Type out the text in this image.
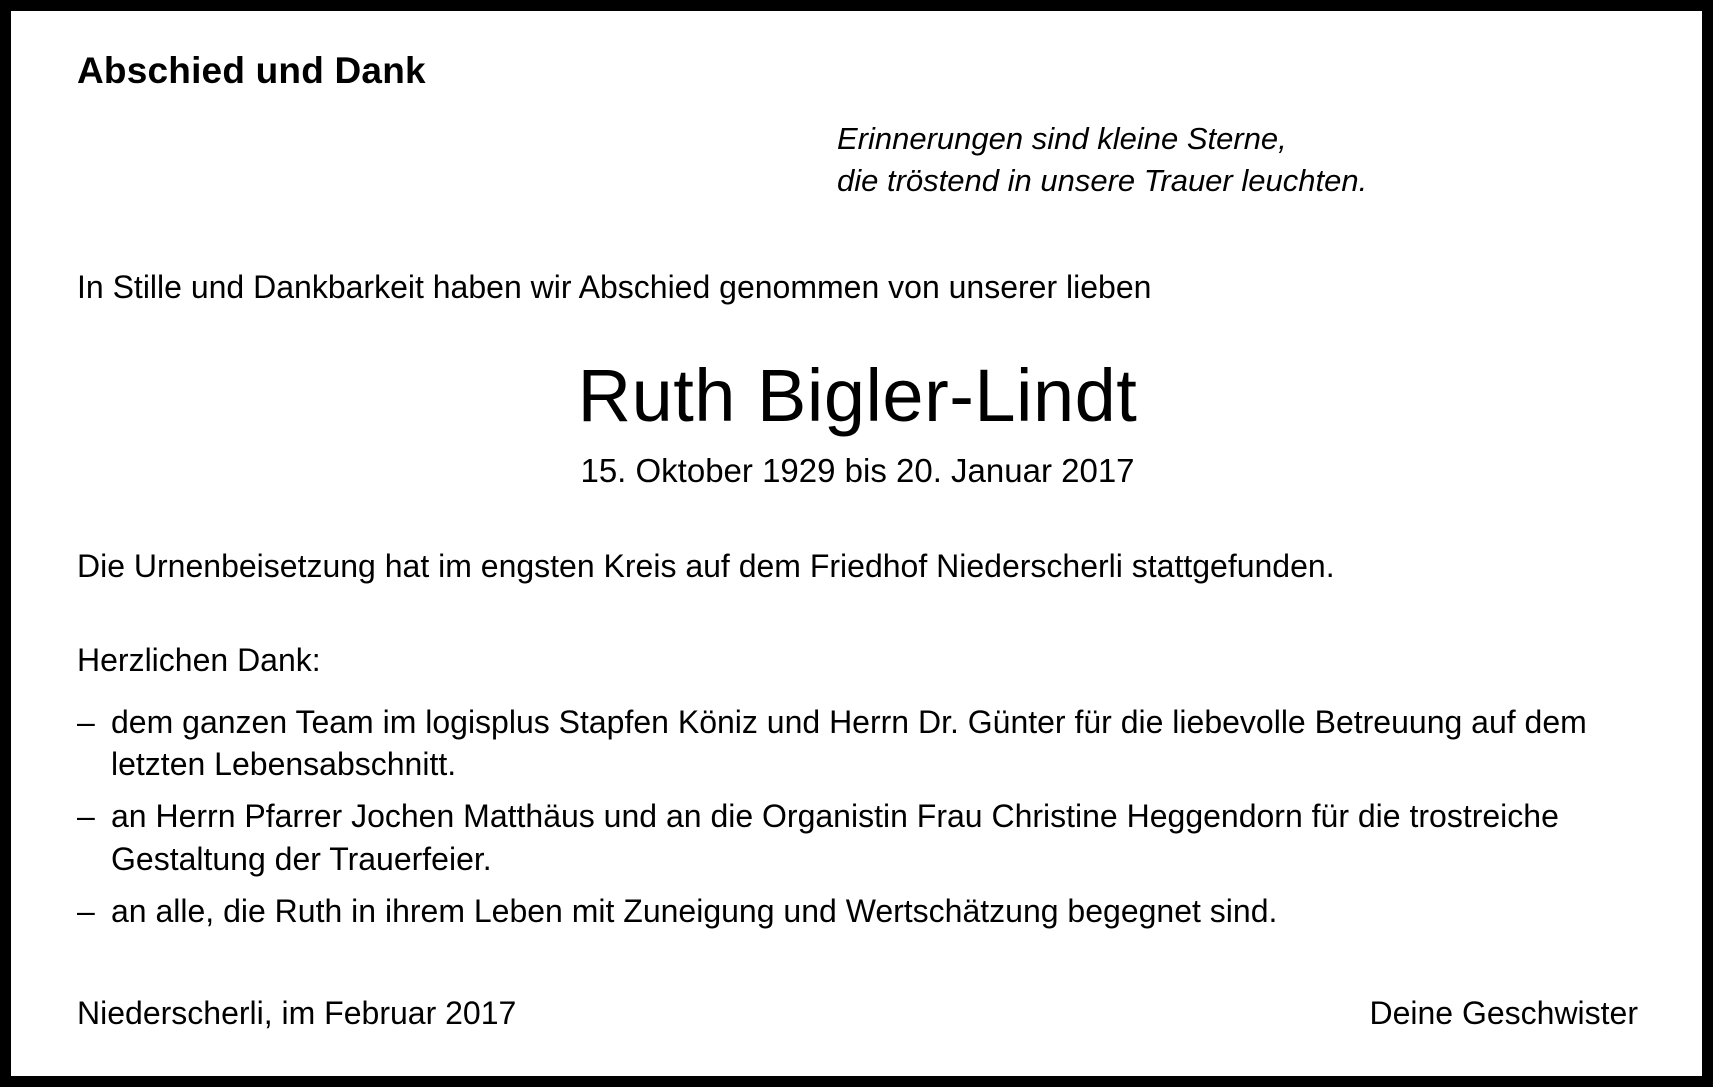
Abschied und Dank
Erinnerungen sind kleine Sterne,
die tröstend in unsere Trauer leuchten.
In Stille und Dankbarkeit haben wir Abschied genommen von unserer lieben
Ruth Bigler-Lindt
15. Oktober 1929 bis 20. Januar 2017
Die Urnenbeisetzung hat im engsten Kreis auf dem Friedhof Niederscherli stattgefunden.
Herzlichen Dank:
– dem ganzen Team im logisplus Stapfen Köniz und Herrn Dr. Günter für die liebevolle Betreuung auf dem letzten Lebensabschnitt.
– an Herrn Pfarrer Jochen Matthäus und an die Organistin Frau Christine Heggendorn für die trostreiche Gestaltung der Trauerfeier.
– an alle, die Ruth in ihrem Leben mit Zuneigung und Wertschätzung begegnet sind.
Niederscherli, im Februar 2017	Deine Geschwister
